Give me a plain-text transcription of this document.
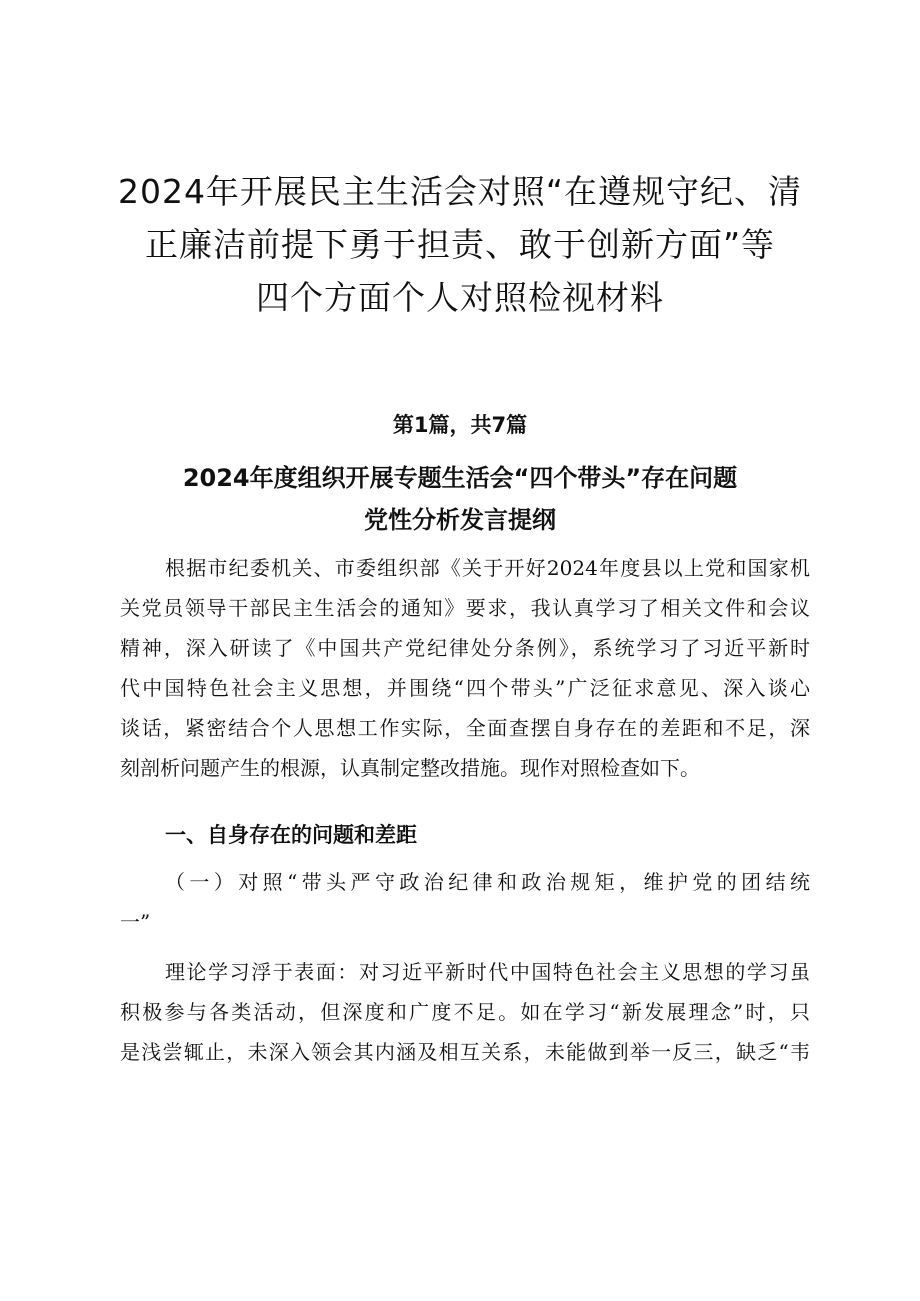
2024年开展民主生活会对照“在遵规守纪、清
正廉洁前提下勇于担责、敢于创新方面”等
四个方面个人对照检视材料
第1篇，共7篇
2024年度组织开展专题生活会“四个带头”存在问题
党性分析发言提纲

根据市纪委机关、市委组织部《关于开好2024年度县以上党和国家机
关党员领导干部民主生活会的通知》要求，我认真学习了相关文件和会议
精神，深入研读了《中国共产党纪律处分条例》，系统学习了习近平新时
代中国特色社会主义思想，并围绕“四个带头”广泛征求意见、深入谈心
谈话，紧密结合个人思想工作实际，全面查摆自身存在的差距和不足，深
刻剖析问题产生的根源，认真制定整改措施。现作对照检查如下。

一、自身存在的问题和差距

（一）对照“带头严守政治纪律和政治规矩，维护党的团结统
一”

理论学习浮于表面：对习近平新时代中国特色社会主义思想的学习虽
积极参与各类活动，但深度和广度不足。如在学习“新发展理念”时，只
是浅尝辄止，未深入领会其内涵及相互关系，未能做到举一反三，缺乏“韦
